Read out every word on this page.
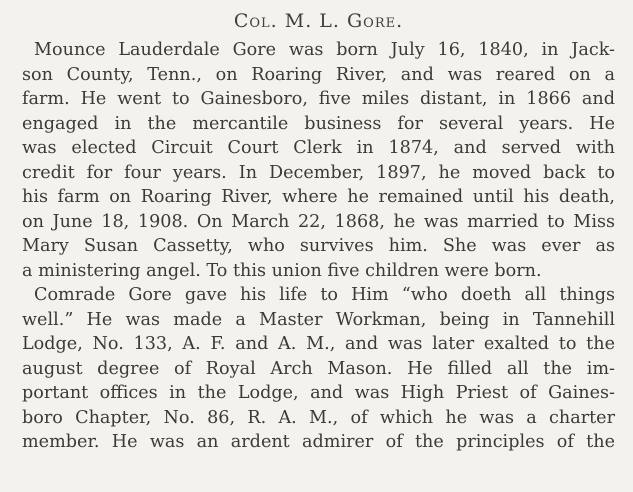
Col. M. L. Gore.
Mounce Lauderdale Gore was born July 16, 1840, in Jack-
son County, Tenn., on Roaring River, and was reared on a
farm. He went to Gainesboro, five miles distant, in 1866 and
engaged in the mercantile business for several years. He
was elected Circuit Court Clerk in 1874, and served with
credit for four years. In December, 1897, he moved back to
his farm on Roaring River, where he remained until his death,
on June 18, 1908. On March 22, 1868, he was married to Miss
Mary Susan Cassetty, who survives him. She was ever as
a ministering angel. To this union five children were born.
Comrade Gore gave his life to Him “who doeth all things
well.” He was made a Master Workman, being in Tannehill
Lodge, No. 133, A. F. and A. M., and was later exalted to the
august degree of Royal Arch Mason. He filled all the im-
portant offices in the Lodge, and was High Priest of Gaines-
boro Chapter, No. 86, R. A. M., of which he was a charter
member. He was an ardent admirer of the principles of the
